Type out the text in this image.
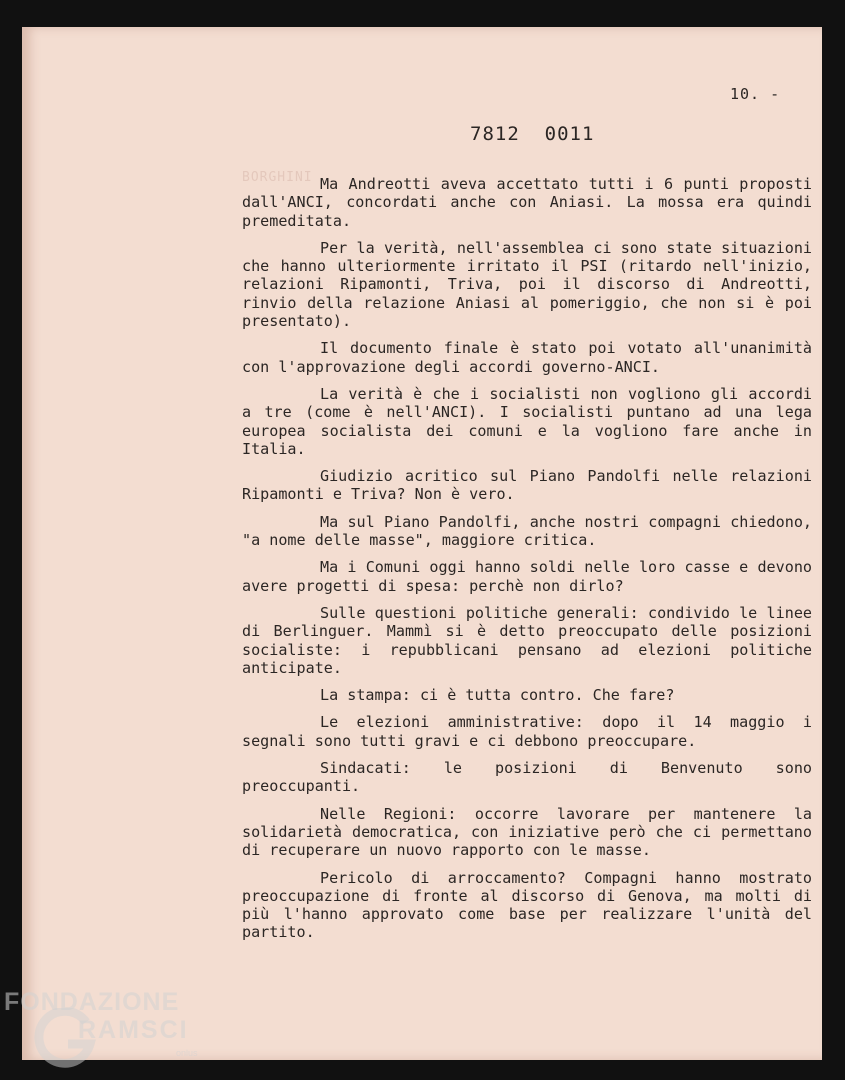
10. -
7812  0011
BORGHINI Ma Andreotti aveva accettato tutti i 6 punti proposti dall'ANCI, concordati anche con Aniasi. La mossa era quindi premeditata.

Per la verità, nell'assemblea ci sono state situazioni che hanno ulteriormente irritato il PSI (ritardo nell'inizio, relazioni Ripamonti, Triva, poi il discorso di Andreotti, rinvio della relazione Aniasi al pomeriggio, che non si è poi presentato).

Il documento finale è stato poi votato all'unanimità con l'approvazione degli accordi governo-ANCI.

La verità è che i socialisti non vogliono gli accordi a tre (come è nell'ANCI). I socialisti puntano ad una lega europea socialista dei comuni e la vogliono fare anche in Italia.

Giudizio acritico sul Piano Pandolfi nelle relazioni Ripamonti e Triva? Non è vero.

Ma sul Piano Pandolfi, anche nostri compagni chiedono, "a nome delle masse", maggiore critica.

Ma i Comuni oggi hanno soldi nelle loro casse e devono avere progetti di spesa: perchè non dirlo?

Sulle questioni politiche generali: condivido le linee di Berlinguer. Mammì si è detto preoccupato delle posizioni socialiste: i repubblicani pensano ad elezioni politiche anticipate.

La stampa: ci è tutta contro. Che fare?

Le elezioni amministrative: dopo il 14 maggio i segnali sono tutti gravi e ci debbono preoccupare.

Sindacati: le posizioni di Benvenuto sono preoccupanti.

Nelle Regioni: occorre lavorare per mantenere la solidarietà democratica, con iniziative però che ci permettano di recuperare un nuovo rapporto con le masse.

Pericolo di arroccamento? Compagni hanno mostrato preoccupazione di fronte al discorso di Genova, ma molti di più l'hanno approvato come base per realizzare l'unità del partito.

FONDAZIONE
RAMSCI
onlus
